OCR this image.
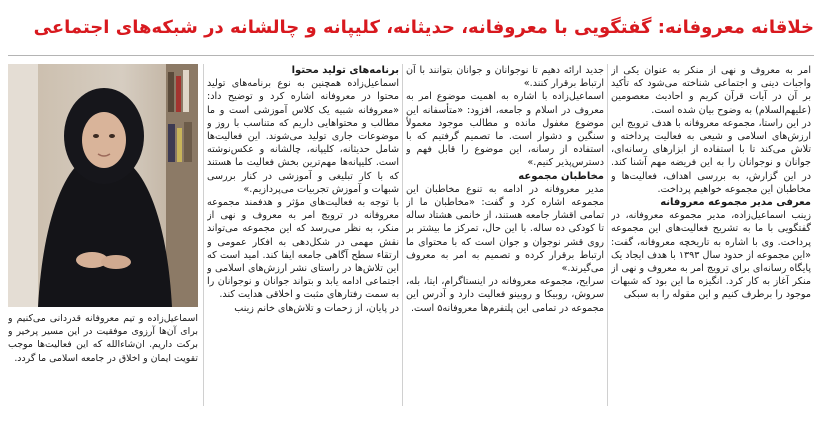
خلاقانه معروفانه: گفتگویی با معروفانه، حدیثانه، کلیپانه و چالشانه در شبکه‌های اجتماعی

امر به معروف و نهی از منکر به عنوان یکی از واجبات دینی و اجتماعی شناخته می‌شود که تأکید بر آن در آیات قرآن کریم و احادیث معصومین (علیهم‌السلام) به وضوح بیان شده است.

در این راستا، مجموعه معروفانه با هدف ترویج این ارزش‌های اسلامی و شیعی به فعالیت پرداخته و تلاش می‌کند تا با استفاده از ابزارهای رسانه‌ای، جوانان و نوجوانان را به این فریضه مهم آشنا کند. در این گزارش، به بررسی اهداف، فعالیت‌ها و مخاطبان این مجموعه خواهیم پرداخت.

معرفی مدیر مجموعه معروفانه

زینب اسماعیل‌زاده، مدیر مجموعه معروفانه، در گفتگویی با ما به تشریح فعالیت‌های این مجموعه پرداخت. وی با اشاره به تاریخچه معروفانه، گفت: «این مجموعه از حدود سال ۱۳۹۳ با هدف ایجاد یک پایگاه رسانه‌ای برای ترویج امر به معروف و نهی از منکر آغاز به کار کرد. انگیزه ما این بود که شبهات موجود را برطرف کنیم و این مقوله را به سبکی

جدید ارائه دهیم تا نوجوانان و جوانان بتوانند با آن ارتباط برقرار کنند.»

اسماعیل‌زاده با اشاره به اهمیت موضوع امر به معروف در اسلام و جامعه، افزود: «متأسفانه این موضوع مغفول مانده و مطالب موجود معمولاً سنگین و دشوار است. ما تصمیم گرفتیم که با استفاده از رسانه، این موضوع را قابل فهم و دسترس‌پذیر کنیم.»

مخاطبان مجموعه

مدیر معروفانه در ادامه به تنوع مخاطبان این مجموعه اشاره کرد و گفت: «مخاطبان ما از تمامی اقشار جامعه هستند، از خانمی هشتاد ساله تا کودکی ده ساله. با این حال، تمرکز ما بیشتر بر روی قشر نوجوان و جوان است که با محتوای ما ارتباط برقرار کرده و تصمیم به امر به معروف می‌گیرند.»

سرایح، مجموعه معروفانه در اینستاگرام، ایتا، بله، سروش، روبیکا و روبینو فعالیت دارد و آدرس این مجموعه در تمامی این پلتفرم‌ها معروفانه۵ است.

برنامه‌های تولید محتوا

اسماعیل‌زاده همچنین به نوع برنامه‌های تولید محتوا در معروفانه اشاره کرد و توضیح داد: «معروفانه شبیه یک کلاس آموزشی است و ما مطالب و محتواهایی داریم که متناسب با روز و موضوعات جاری تولید می‌شوند. این فعالیت‌ها شامل حدیثانه، کلیپانه، چالشانه و عکس‌نوشته است. کلیپانه‌ها مهم‌ترین بخش فعالیت ما هستند که با کار تبلیغی و آموزشی در کنار بررسی شبهات و آموزش تجربیات می‌پردازیم.»

با توجه به فعالیت‌های مؤثر و هدفمند مجموعه معروفانه در ترویج امر به معروف و نهی از منکر، به نظر می‌رسد که این مجموعه می‌تواند نقش مهمی در شکل‌دهی به افکار عمومی و ارتقاء سطح آگاهی جامعه ایفا کند. امید است که این تلاش‌ها در راستای نشر ارزش‌های اسلامی و اجتماعی ادامه یابد و بتواند جوانان و نوجوانان را به سمت رفتارهای مثبت و اخلاقی هدایت کند.

در پایان، از زحمات و تلاش‌های خانم زینب

اسماعیل‌زاده و تیم معروفانه قدردانی می‌کنیم و برای آن‌ها آرزوی موفقیت در این مسیر پرخیر و برکت داریم. ان‌شاءالله که این فعالیت‌ها موجب تقویت ایمان و اخلاق در جامعه اسلامی ما گردد.
